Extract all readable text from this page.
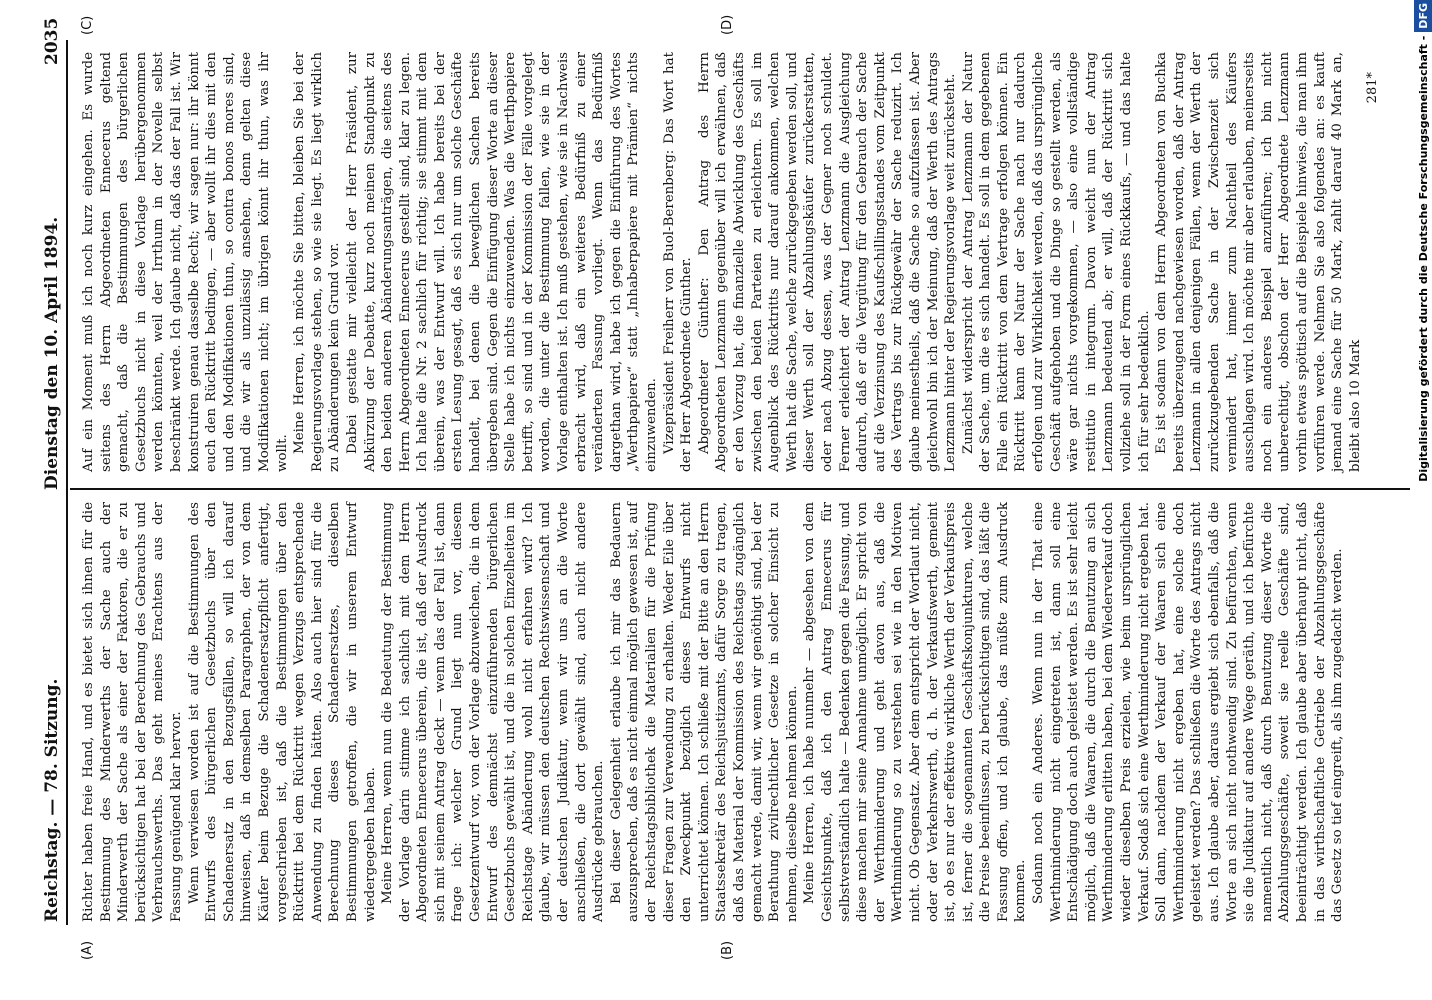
Reichstag. — 78. Sitzung.
Dienstag den 10. April 1894.
2035
(A)	(B)
(C)	(D)

Richter haben freie Hand, und es bietet sich ihnen für die Bestimmung des Minderwerths der Sache auch der Minderwerth der Sache als einer der Faktoren, die er zu berücksichtigen hat bei der Berechnung des Gebrauchs und Verbrauchswerths. Das geht meines Erachtens aus der Fassung genügend klar hervor. Wenn verwiesen worden ist auf die Bestimmungen des Entwurfs des bürgerlichen Gesetzbuchs über den Schadenersatz in den Bezugsfällen, so will ich darauf hinweisen, daß in demselben Paragraphen, der von dem Käufer beim Bezuge die Schadenersatzpflicht anfertigt, vorgeschrieben ist, daß die Bestimmungen über den Rücktritt bei dem Rücktritt wegen Verzugs entsprechende Anwendung zu finden hätten. Also auch hier sind für die Berechnung dieses Schadenersatzes, dieselben Bestimmungen getroffen, die wir in unserem Entwurf wiedergegeben haben. Meine Herren, wenn nun die Bedeutung der Bestimmung der Vorlage darin stimme ich sachlich mit dem Herrn Abgeordneten Ennecerus überein, die ist, daß der Ausdruck sich mit seinem Antrag deckt — wenn das der Fall ist, dann frage ich: welcher Grund liegt nun vor, diesem Gesetzentwurf vor, von der Vorlage abzuweichen, die in dem Entwurf des demnächst einzuführenden bürgerlichen Gesetzbuchs gewählt ist, und die in solchen Einzelheiten im Reichstage Abänderung wohl nicht erfahren wird? Ich glaube, wir müssen den deutschen Rechtswissenschaft und der deutschen Judikatur, wenn wir uns an die Worte anschließen, die dort gewählt sind, auch nicht andere Ausdrücke gebrauchen. Bei dieser Gelegenheit erlaube ich mir das Bedauern auszusprechen, daß es nicht einmal möglich gewesen ist, auf der Reichstagsbibliothek die Materialien für die Prüfung dieser Fragen zur Verwendung zu erhalten. Weder Eile über den Zweckpunkt bezüglich dieses Entwurfs nicht unterrichtet können. Ich schließe mit der Bitte an den Herrn Staatssekretär des Reichsjustizamts, dafür Sorge zu tragen, daß das Material der Kommission des Reichstags zugänglich gemacht werde, damit wir, wenn wir genöthigt sind, bei der Berathung zivilrechtlicher Gesetze in solcher Einsicht zu nehmen, dieselbe nehmen können. Meine Herren, ich habe nunmehr — abgesehen von dem Gesichtspunkte, daß ich den Antrag Ennecerus für selbstverständlich halte — Bedenken gegen die Fassung, und diese machen mir seine Annahme unmöglich. Er spricht von der Werthminderung und geht davon aus, daß die Werthminderung so zu verstehen sei wie in den Motiven nicht. Ob Gegensatz. Aber dem entspricht der Wortlaut nicht, oder der Verkehrswerth, d. h. der Verkaufswerth, gemeint ist, ob es nur der effektive wirkliche Werth der Verkaufspreis ist, ferner die sogenannten Geschäftskonjunkturen, welche die Preise beeinflussen, zu berücksichtigen sind, das läßt die Fassung offen, und ich glaube, das müßte zum Ausdruck kommen. Sodann noch ein Anderes. Wenn nun in der That eine Werthminderung nicht eingetreten ist, dann soll eine Entschädigung doch auch geleistet werden. Es ist sehr leicht möglich, daß die Waaren, die durch die Benutzung an sich Werthminderung erlitten haben, bei dem Wiederverkauf doch wieder dieselben Preis erzielen, wie beim ursprünglichen Verkauf. Sodaß sich eine Werthminderung nicht ergeben hat. Soll dann, nachdem der Verkauf der Waaren sich eine Werthminderung nicht ergeben hat, eine solche doch geleistet werden? Das schließen die Worte des Antrags nicht aus. Ich glaube aber, daraus ergiebt sich ebenfalls, daß die Worte an sich nicht nothwendig sind. Zu befürchten, wenn sie die Judikatur auf andere Wege geräth, und ich befürchte namentlich nicht, daß durch Benutzung dieser Worte die Abzahlungsgeschäfte, soweit sie reelle Geschäfte sind, beeinträchtigt werden. Ich glaube aber überhaupt nicht, daß in das wirthschaftliche Getriebe der Abzahlungsgeschäfte das Gesetz so tief eingreift, als ihm zugedacht werden.

Auf ein Moment muß ich noch kurz eingehen. Es wurde seitens des Herrn Abgeordneten Ennecerus geltend gemacht, daß die Bestimmungen des bürgerlichen Gesetzbuchs nicht in diese Vorlage herübergenommen werden könnten, weil der Irrthum in der Novelle selbst beschränkt werde. Ich glaube nicht, daß das der Fall ist. Wir konstruiren genau dasselbe Recht; wir sagen nur: ihr könnt euch den Rücktritt bedingen, — aber wollt ihr dies mit den und den Modifikationen thun, so contra bonos mores sind, und die wir als unzulässig ansehen, denn gelten diese Modifikationen nicht; im übrigen könnt ihr thun, was ihr wollt. Meine Herren, ich möchte Sie bitten, bleiben Sie bei der Regierungsvorlage stehen, so wie sie liegt. Es liegt wirklich zu Abänderungen kein Grund vor. Dabei gestatte mir vielleicht der Herr Präsident, zur Abkürzung der Debatte, kurz noch meinen Standpunkt zu den beiden anderen Abänderungsanträgen, die seitens des Herrn Abgeordneten Ennecerus gestellt sind, klar zu legen. Ich halte die Nr. 2 sachlich für richtig; sie stimmt mit dem überein, was der Entwurf will. Ich habe bereits bei der ersten Lesung gesagt, daß es sich nur um solche Geschäfte handelt, bei denen die beweglichen Sachen bereits übergeben sind. Gegen die Einfügung dieser Worte an dieser Stelle habe ich nichts einzuwenden. Was die Werthpapiere betrifft, so sind und in der Kommission der Fälle vorgelegt worden, die unter die Bestimmung fallen, wie sie in der Vorlage enthalten ist. Ich muß gestehen, wie sie in Nachweis erbracht wird, daß ein weiteres Bedürfniß zu einer veränderten Fassung vorliegt. Wenn das Bedürfniß dargethan wird, habe ich gegen die Einführung des Wortes „Werthpapiere“ statt „Inhaberpapiere mit Prämien“ nichts einzuwenden. Vizepräsident Freiherr von Buol-Berenberg: Das Wort hat der Herr Abgeordnete Günther. Abgeordneter Günther: Den Antrag des Herrn Abgeordneten Lenzmann gegenüber will ich erwähnen, daß er den Vorzug hat, die finanzielle Abwicklung des Geschäfts zwischen den beiden Parteien zu erleichtern. Es soll im Augenblick des Rücktritts nur darauf ankommen, welchen Werth hat die Sache, welche zurückgegeben werden soll, und dieser Werth soll der Abzahlungskäufer zurückerstatten, oder nach Abzug dessen, was der Gegner noch schuldet. Ferner erleichtert der Antrag Lenzmann die Ausgleichung dadurch, daß er die Vergütung für den Gebrauch der Sache auf die Verzinsung des Kaufschillingsstandes vom Zeitpunkt des Vertrags bis zur Rückgewähr der Sache reduzirt. Ich glaube meinestheils, daß die Sache so aufzufassen ist. Aber gleichwohl bin ich der Meinung, daß der Werth des Antrags Lenzmann hinter der Regierungsvorlage weit zurücksteht. Zunächst widerspricht der Antrag Lenzmann der Natur der Sache, um die es sich handelt. Es soll in dem gegebenen Falle ein Rücktritt von dem Vertrage erfolgen können. Ein Rücktritt kann der Natur der Sache nach nur dadurch erfolgen und zur Wirklichkeit werden, daß das ursprüngliche Geschäft aufgehoben und die Dinge so gestellt werden, als wäre gar nichts vorgekommen, — also eine vollständige restitutio in integrum. Davon weicht nun der Antrag Lenzmann bedeutend ab; er will, daß der Rücktritt sich vollziehe soll in der Form eines Rückkaufs, — und das halte ich für sehr bedenklich. Es ist sodann von dem Herrn Abgeordneten von Buchka bereits überzeugend nachgewiesen worden, daß der Antrag Lenzmann in allen denjenigen Fällen, wenn der Werth der zurückzugebenden Sache in der Zwischenzeit sich vermindert hat, immer zum Nachtheil des Käufers ausschlagen wird. Ich möchte mir aber erlauben, meinerseits noch ein anderes Beispiel anzuführen; ich bin nicht unberechtigt, obschon der Herr Abgeordnete Lenzmann vorhin etwas spöttisch auf die Beispiele hinwies, die man ihm vorführen werde. Nehmen Sie also folgendes an: es kauft jemand eine Sache für 50 Mark, zahlt darauf 40 Mark an, bleibt also 10 Mark

281*	Digitalisierung gefördert durch die Deutsche Forschungsgemeinschaft -DFG
